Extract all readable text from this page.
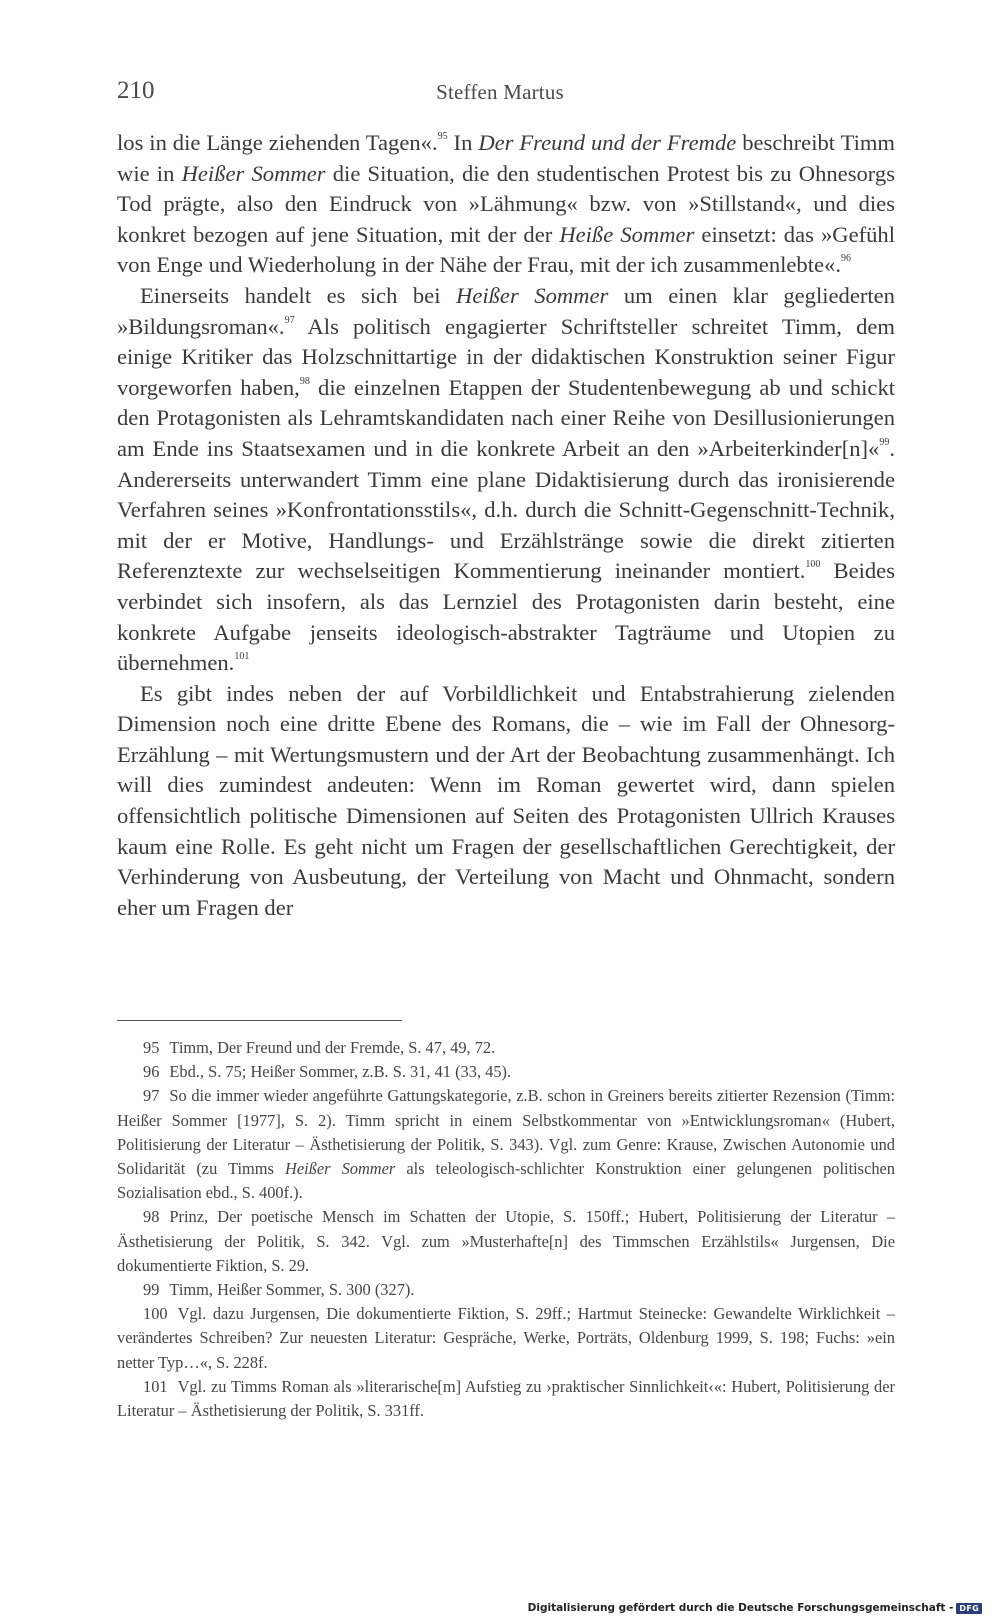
210	Steffen Martus

los in die Länge ziehenden Tagen«.$^{95}$ In Der Freund und der Fremde beschreibt Timm wie in Heißer Sommer die Situation, die den studentischen Protest bis zu Ohnesorgs Tod prägte, also den Eindruck von »Lähmung« bzw. von »Stillstand«, und dies konkret bezogen auf jene Situation, mit der der Heiße Sommer einsetzt: das »Gefühl von Enge und Wiederholung in der Nähe der Frau, mit der ich zusammenlebte«.$^{96}$

Einerseits handelt es sich bei Heißer Sommer um einen klar gegliederten »Bildungsroman«.$^{97}$ Als politisch engagierter Schriftsteller schreitet Timm, dem einige Kritiker das Holzschnittartige in der didaktischen Konstruktion seiner Figur vorgeworfen haben,$^{98}$ die einzelnen Etappen der Studentenbewegung ab und schickt den Protagonisten als Lehramtskandidaten nach einer Reihe von Desillusionierungen am Ende ins Staatsexamen und in die konkrete Arbeit an den »Arbeiterkinder[n]«$^{99}$. Andererseits unterwandert Timm eine plane Didaktisierung durch das ironisierende Verfahren seines »Konfrontationsstils«, d.h. durch die Schnitt-Gegenschnitt-Technik, mit der er Motive, Handlungs- und Erzählstränge sowie die direkt zitierten Referenztexte zur wechselseitigen Kommentierung ineinander montiert.$^{100}$ Beides verbindet sich insofern, als das Lernziel des Protagonisten darin besteht, eine konkrete Aufgabe jenseits ideologisch-abstrakter Tagträume und Utopien zu übernehmen.$^{101}$

Es gibt indes neben der auf Vorbildlichkeit und Entabstrahierung zielenden Dimension noch eine dritte Ebene des Romans, die – wie im Fall der Ohnesorg-Erzählung – mit Wertungsmustern und der Art der Beobachtung zusammenhängt. Ich will dies zumindest andeuten: Wenn im Roman gewertet wird, dann spielen offensichtlich politische Dimensionen auf Seiten des Protagonisten Ullrich Krauses kaum eine Rolle. Es geht nicht um Fragen der gesellschaftlichen Gerechtigkeit, der Verhinderung von Ausbeutung, der Verteilung von Macht und Ohnmacht, sondern eher um Fragen der

95 Timm, Der Freund und der Fremde, S. 47, 49, 72.

96 Ebd., S. 75; Heißer Sommer, z.B. S. 31, 41 (33, 45).

97 So die immer wieder angeführte Gattungskategorie, z.B. schon in Greiners bereits zitierter Rezension (Timm: Heißer Sommer [1977], S. 2). Timm spricht in einem Selbstkommentar von »Entwicklungsroman« (Hubert, Politisierung der Literatur – Ästhetisierung der Politik, S. 343). Vgl. zum Genre: Krause, Zwischen Autonomie und Solidarität (zu Timms Heißer Sommer als teleologisch-schlichter Konstruktion einer gelungenen politischen Sozialisation ebd., S. 400f.).

98 Prinz, Der poetische Mensch im Schatten der Utopie, S. 150ff.; Hubert, Politisierung der Literatur – Ästhetisierung der Politik, S. 342. Vgl. zum »Musterhafte[n] des Timmschen Erzählstils« Jurgensen, Die dokumentierte Fiktion, S. 29.

99 Timm, Heißer Sommer, S. 300 (327).

100 Vgl. dazu Jurgensen, Die dokumentierte Fiktion, S. 29ff.; Hartmut Steinecke: Gewandelte Wirklichkeit – verändertes Schreiben? Zur neuesten Literatur: Gespräche, Werke, Porträts, Oldenburg 1999, S. 198; Fuchs: »ein netter Typ…«, S. 228f.

101 Vgl. zu Timms Roman als »literarische[m] Aufstieg zu ›praktischer Sinnlichkeit‹«: Hubert, Politisierung der Literatur – Ästhetisierung der Politik, S. 331ff.

Digitalisierung gefördert durch die Deutsche Forschungsgemeinschaft - DFG
